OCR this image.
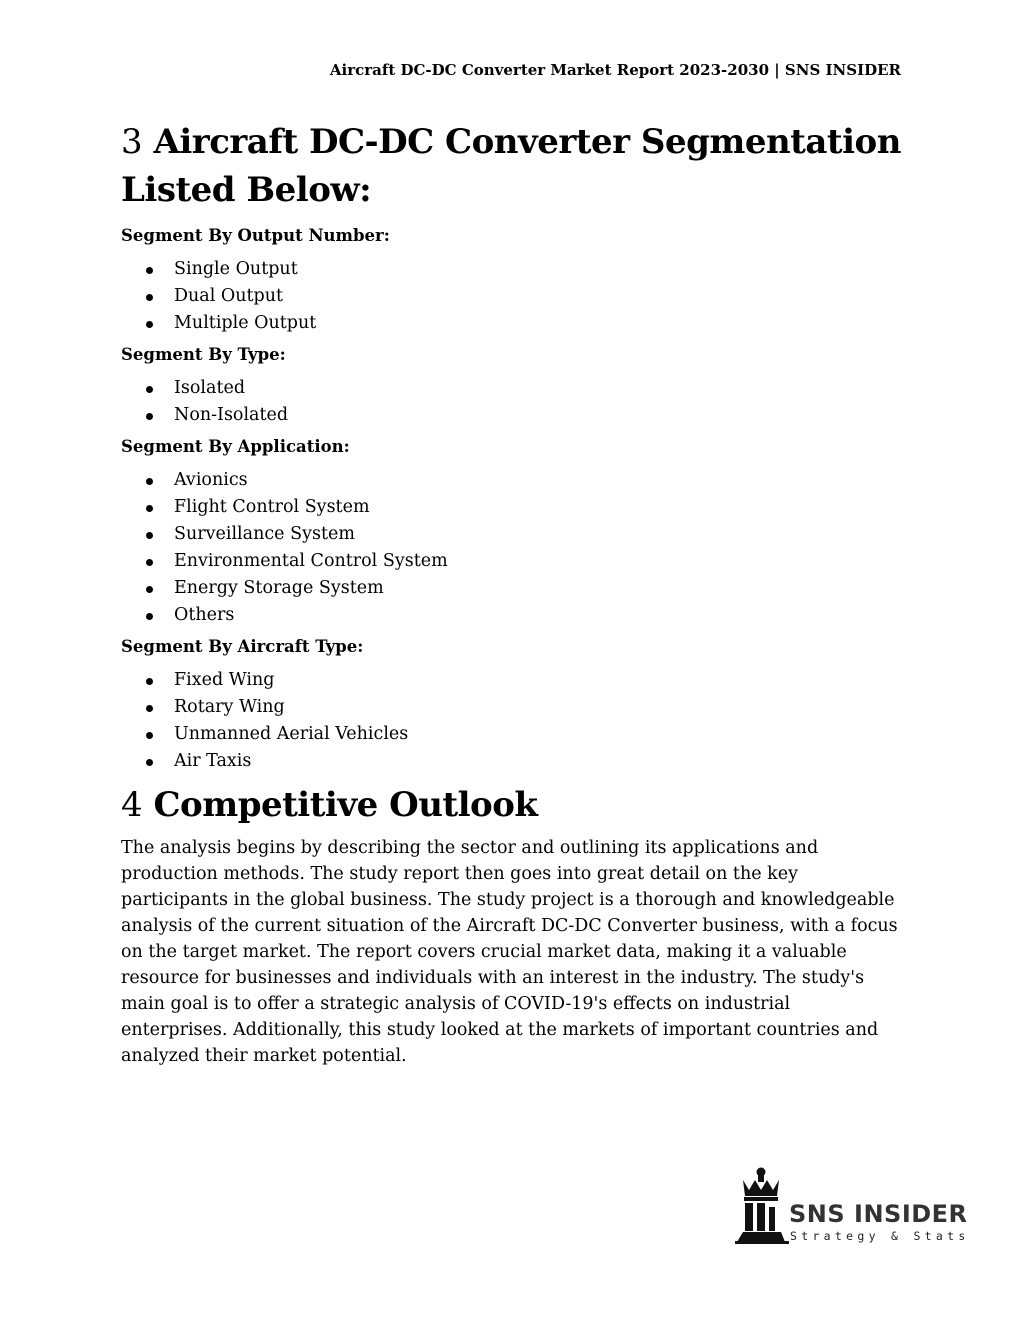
Aircraft DC-DC Converter Market Report 2023-2030 | SNS INSIDER
3 Aircraft DC-DC Converter Segmentation Listed Below:
Segment By Output Number:
Single Output
Dual Output
Multiple Output
Segment By Type:
Isolated
Non-Isolated
Segment By Application:
Avionics
Flight Control System
Surveillance System
Environmental Control System
Energy Storage System
Others
Segment By Aircraft Type:
Fixed Wing
Rotary Wing
Unmanned Aerial Vehicles
Air Taxis
4 Competitive Outlook

The analysis begins by describing the sector and outlining its applications and production methods. The study report then goes into great detail on the key participants in the global business. The study project is a thorough and knowledgeable analysis of the current situation of the Aircraft DC-DC Converter business, with a focus on the target market. The report covers crucial market data, making it a valuable resource for businesses and individuals with an interest in the industry. The study's main goal is to offer a strategic analysis of COVID-19's effects on industrial enterprises. Additionally, this study looked at the markets of important countries and analyzed their market potential.

SNS INSIDER
Strategy & Stats
